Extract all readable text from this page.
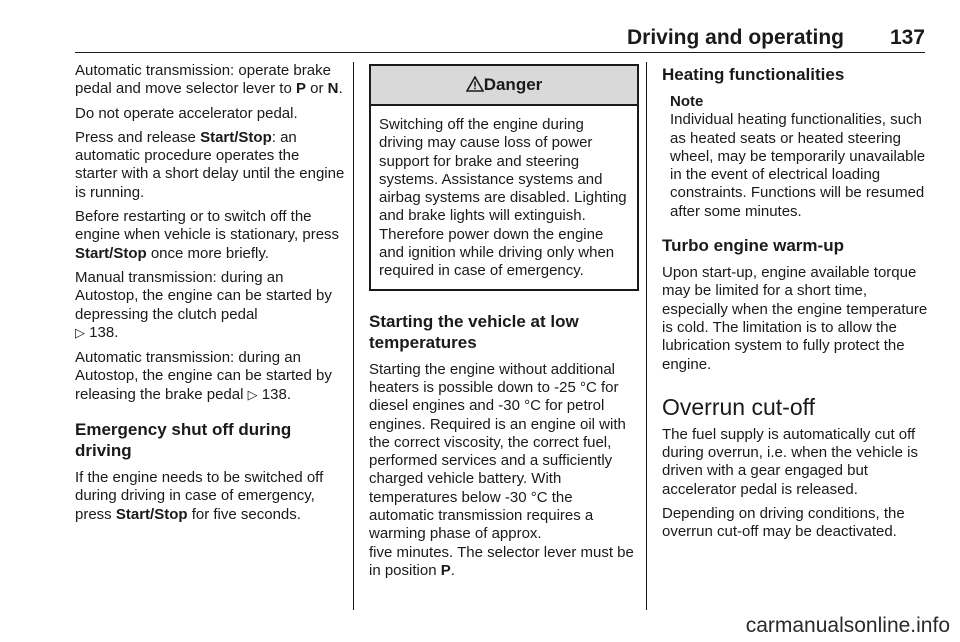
Driving and operating 137

Automatic transmission: operate brake pedal and move selector lever to P or N.

Do not operate accelerator pedal.

Press and release Start/Stop: an automatic procedure operates the starter with a short delay until the engine is running.

Before restarting or to switch off the engine when vehicle is stationary, press Start/Stop once more briefly.

Manual transmission: during an Autostop, the engine can be started by depressing the clutch pedal
▷ 138.

Automatic transmission: during an Autostop, the engine can be started by releasing the brake pedal ▷ 138.

Emergency shut off during driving

If the engine needs to be switched off during driving in case of emergency, press Start/Stop for five seconds.

Danger
Switching off the engine during driving may cause loss of power support for brake and steering systems. Assistance systems and airbag systems are disabled. Lighting and brake lights will extinguish. Therefore power down the engine and ignition while driving only when required in case of emergency.
Starting the vehicle at low temperatures

Starting the engine without additional heaters is possible down to -25 °C for diesel engines and -30 °C for petrol engines. Required is an engine oil with the correct viscosity, the correct fuel, performed services and a sufficiently charged vehicle battery. With temperatures below -30 °C the automatic transmission requires a warming phase of approx.
five minutes. The selector lever must be in position P.

Heating functionalities
Note
Individual heating functionalities, such as heated seats or heated steering wheel, may be temporarily unavailable in the event of electrical loading constraints. Functions will be resumed after some minutes.
Turbo engine warm-up

Upon start-up, engine available torque may be limited for a short time, especially when the engine temperature is cold. The limitation is to allow the lubrication system to fully protect the engine.

Overrun cut-off

The fuel supply is automatically cut off during overrun, i.e. when the vehicle is driven with a gear engaged but accelerator pedal is released.

Depending on driving conditions, the overrun cut-off may be deactivated.

carmanualsonline.info
